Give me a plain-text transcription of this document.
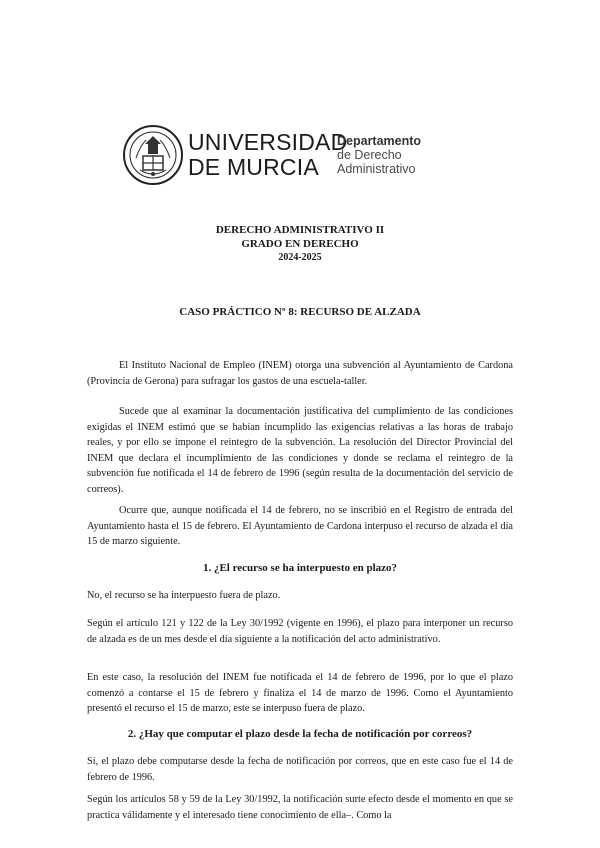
UNIVERSIDAD
DE MURCIA
Departamento
de Derecho
Administrativo
DERECHO ADMINISTRATIVO II
GRADO EN DERECHO
2024-2025
CASO PRÁCTICO Nº 8: RECURSO DE ALZADA

El Instituto Nacional de Empleo (INEM) otorga una subvención al Ayuntamiento de Cardona (Provincia de Gerona) para sufragar los gastos de una escuela-taller.

Sucede que al examinar la documentación justificativa del cumplimiento de las condiciones exigidas el INEM estimó que se habían incumplido las exigencias relativas a las horas de trabajo reales, y por ello se impone el reintegro de la subvención. La resolución del Director Provincial del INEM que declara el incumplimiento de las condiciones y donde se reclama el reintegro de la subvención fue notificada el 14 de febrero de 1996 (según resulta de la documentación del servicio de correos).

Ocurre que, aunque notificada el 14 de febrero, no se inscribió en el Registro de entrada del Ayuntamiento hasta el 15 de febrero. El Ayuntamiento de Cardona interpuso el recurso de alzada el día 15 de marzo siguiente.

1. ¿El recurso se ha interpuesto en plazo?

No, el recurso se ha interpuesto fuera de plazo.

Según el artículo 121 y 122 de la Ley 30/1992 (vigente en 1996), el plazo para interponer un recurso de alzada es de un mes desde el día siguiente a la notificación del acto administrativo.

En este caso, la resolución del INEM fue notificada el 14 de febrero de 1996, por lo que el plazo comenzó a contarse el 15 de febrero y finaliza el 14 de marzo de 1996. Como el Ayuntamiento presentó el recurso el 15 de marzo, este se interpuso fuera de plazo.

2. ¿Hay que computar el plazo desde la fecha de notificación por correos?

Sí, el plazo debe computarse desde la fecha de notificación por correos, que en este caso fue el 14 de febrero de 1996.

Según los artículos 58 y 59 de la Ley 30/1992, la notificación surte efecto desde el momento en que se practica válidamente y el interesado tiene conocimiento de ella–. Como la
